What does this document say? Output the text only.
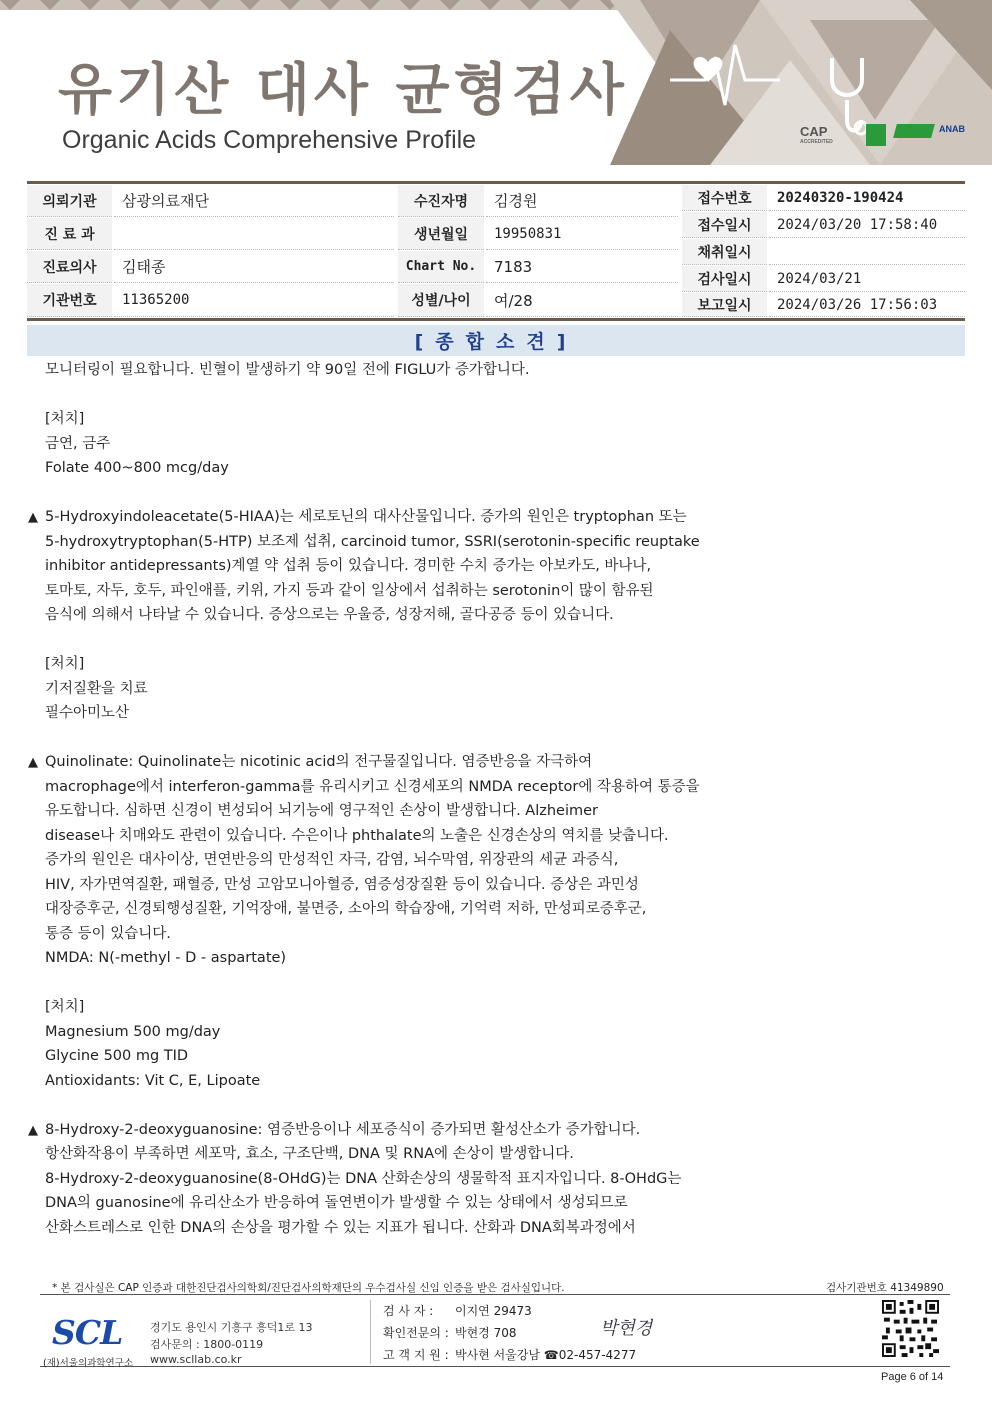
유기산 대사 균형검사
Organic Acids Comprehensive Profile	CAP
ACCREDITED
ANAB
의뢰기관	삼광의료재단
진 료 과
진료의사	김태종
기관번호	11365200
수진자명	김경원
생년월일	19950831
Chart No.	7183
성별/나이	여/28
접수번호	20240320-190424
접수일시	2024/03/20 17:58:40
채취일시
검사일시	2024/03/21
보고일시	2024/03/26 17:56:03
[종합소견]
모니터링이 필요합니다. 빈혈이 발생하기 약 90일 전에 FIGLU가 증가합니다.
[처치]
금연, 금주
Folate 400~800 mcg/day
▲ 5-Hydroxyindoleacetate(5-HIAA)는 세로토닌의 대사산물입니다. 증가의 원인은 tryptophan 또는
5-hydroxytryptophan(5-HTP) 보조제 섭취, carcinoid tumor, SSRI(serotonin-specific reuptake
inhibitor antidepressants)계열 약 섭취 등이 있습니다. 경미한 수치 증가는 아보카도, 바나나,
토마토, 자두, 호두, 파인애플, 키위, 가지 등과 같이 일상에서 섭취하는 serotonin이 많이 함유된
음식에 의해서 나타날 수 있습니다. 증상으로는 우울증, 성장저해, 골다공증 등이 있습니다.
[처치]
기저질환을 치료
필수아미노산
▲ Quinolinate: Quinolinate는 nicotinic acid의 전구물질입니다. 염증반응을 자극하여
macrophage에서 interferon-gamma를 유리시키고 신경세포의 NMDA receptor에 작용하여 통증을
유도합니다. 심하면 신경이 변성되어 뇌기능에 영구적인 손상이 발생합니다. Alzheimer
disease나 치매와도 관련이 있습니다. 수은이나 phthalate의 노출은 신경손상의 역치를 낮춥니다.
증가의 원인은 대사이상, 면연반응의 만성적인 자극, 감염, 뇌수막염, 위장관의 세균 과증식,
HIV, 자가면역질환, 패혈증, 만성 고암모니아혈증, 염증성장질환 등이 있습니다. 증상은 과민성
대장증후군, 신경퇴행성질환, 기억장애, 불면증, 소아의 학습장애, 기억력 저하, 만성피로증후군,
통증 등이 있습니다.
NMDA: N(-methyl - D - aspartate)
[처치]
Magnesium 500 mg/day
Glycine 500 mg TID
Antioxidants: Vit C, E, Lipoate
▲ 8-Hydroxy-2-deoxyguanosine: 염증반응이나 세포증식이 증가되면 활성산소가 증가합니다.
항산화작용이 부족하면 세포막, 효소, 구조단백, DNA 및 RNA에 손상이 발생합니다.
8-Hydroxy-2-deoxyguanosine(8-OHdG)는 DNA 산화손상의 생물학적 표지자입니다. 8-OHdG는
DNA의 guanosine에 유리산소가 반응하여 돌연변이가 발생할 수 있는 상태에서 생성되므로
산화스트레스로 인한 DNA의 손상을 평가할 수 있는 지표가 됩니다. 산화과 DNA회복과정에서
* 본 검사실은 CAP 인증과 대한진단검사의학회/진단검사의학재단의 우수검사실 신임 인증을 받은 검사실입니다.	검사기관번호 41349890
SCL
(재)서울의과학연구소
경기도 용인시 기흥구 흥덕1로 13
검사문의 : 1800-0119
www.scllab.co.kr
검 사 자 : 이지연 29473
확인전문의 : 박현경 708
고 객 지 원 : 박사현 서울강남 ☎02-457-4277
박현경
Page 6 of 14
